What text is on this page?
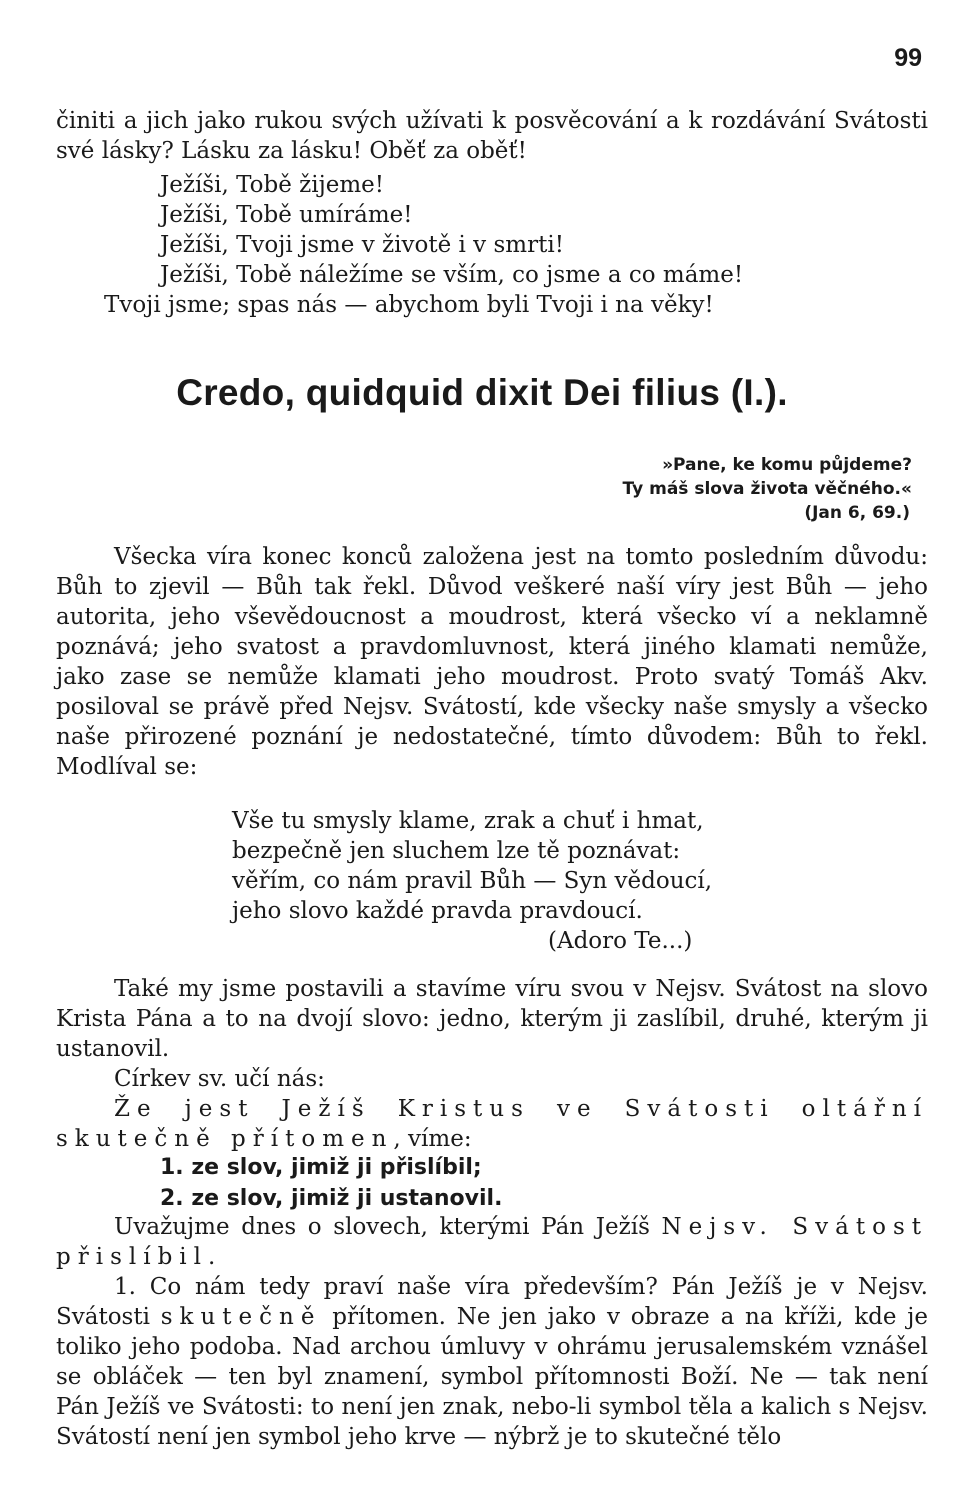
99

činiti a jich jako rukou svých užívati k posvěcování a k rozdávání Svátosti své lásky? Lásku za lásku! Oběť za oběť!

Ježíši, Tobě žijeme!
Ježíši, Tobě umíráme!
Ježíši, Tvoji jsme v životě i v smrti!
Ježíši, Tobě náležíme se vším, co jsme a co máme!
Tvoji jsme; spas nás — abychom byli Tvoji i na věky!
Credo, quidquid dixit Dei filius (I.).
»Pane, ke komu půjdeme?
Ty máš slova života věčného.«
(Jan 6, 69.)

Všecka víra konec konců založena jest na tomto posledním důvodu: Bůh to zjevil — Bůh tak řekl. Důvod veškeré naší víry jest Bůh — jeho autorita, jeho vševědoucnost a moudrost, která všecko ví a neklamně poznává; jeho svatost a pravdomluvnost, která jiného klamati nemůže, jako zase se nemůže klamati jeho moudrost. Proto svatý Tomáš Akv. posiloval se právě před Nejsv. Svátostí, kde všecky naše smysly a všecko naše přirozené poznání je nedostatečné, tímto důvodem: Bůh to řekl. Modlíval se:

Vše tu smysly klame, zrak a chuť i hmat,
bezpečně jen sluchem lze tě poznávat:
věřím, co nám pravil Bůh — Syn vědoucí,
jeho slovo každé pravda pravdoucí.
(Adoro Te...)

Také my jsme postavili a stavíme víru svou v Nejsv. Svátost na slovo Krista Pána a to na dvojí slovo: jedno, kterým ji zaslíbil, druhé, kterým ji ustanovil.

Církev sv. učí nás:

Že jest Ježíš Kristus ve Svátosti oltářní skutečně přítomen, víme:

1. ze slov, jimiž ji přislíbil;
2. ze slov, jimiž ji ustanovil.

Uvažujme dnes o slovech, kterými Pán Ježíš Nejsv. Svátost přislíbil.

1. Co nám tedy praví naše víra především? Pán Ježíš je v Nejsv. Svátosti skutečně přítomen. Ne jen jako v obraze a na kříži, kde je toliko jeho podoba. Nad archou úmluvy v ohrámu jerusalemském vznášel se obláček — ten byl znamení, symbol přítomnosti Boží. Ne — tak není Pán Ježíš ve Svátosti: to není jen znak, nebo-li symbol těla a kalich s Nejsv. Svátostí není jen symbol jeho krve — nýbrž je to skutečné tělo
